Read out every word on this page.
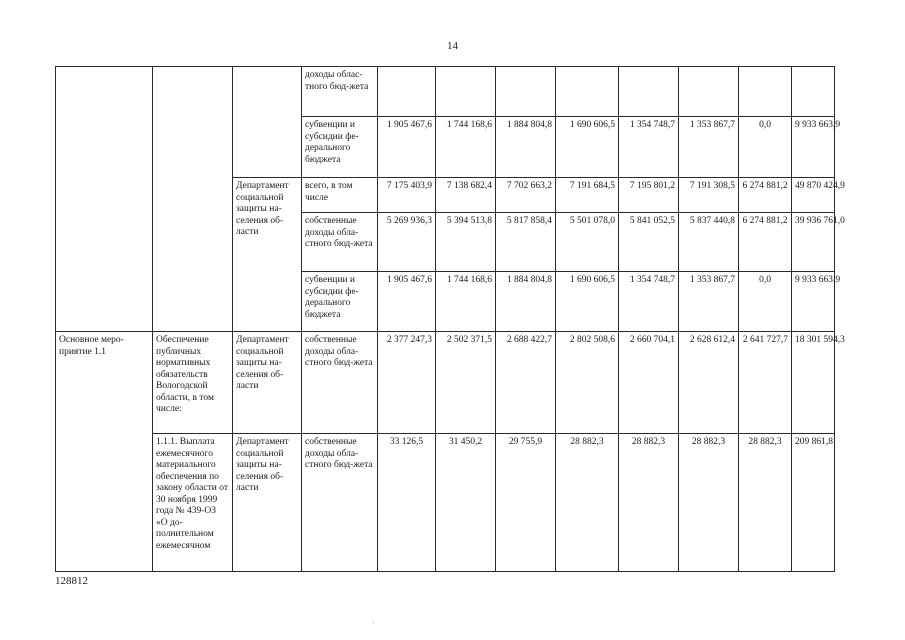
14
			доходы облас-тного бюд-жета								
			субвенции и субсидии фе-дерального бюджета	1 905 467,6	1 744 168,6	1 884 804,8	1 690 606,5	1 354 748,7	1 353 867,7	0,0	9 933 663,9
		Департамент социальной защиты на-селения об-ласти	всего, в том числе	7 175 403,9	7 138 682,4	7 702 663,2	7 191 684,5	7 195 801,2	7 191 308,5	6 274 881,2	49 870 424,9
			собственные доходы обла-стного бюд-жета	5 269 936,3	5 394 513,8	5 817 858,4	5 501 078,0	5 841 052,5	5 837 440,8	6 274 881,2	39 936 761,0
			субвенции и субсидии фе-дерального бюджета	1 905 467,6	1 744 168,6	1 884 804,8	1 690 606,5	1 354 748,7	1 353 867,7	0,0	9 933 663,9
Основное меро-приятие 1.1	Обеспечение публичных нормативных обязательств Вологодской области, в том числе:	Департамент социальной защиты на-селения об-ласти	собственные доходы обла-стного бюд-жета	2 377 247,3	2 502 371,5	2 688 422,7	2 802 508,6	2 660 704,1	2 628 612,4	2 641 727,7	18 301 594,3
	1.1.1. Выплата ежемесячного материального обеспечения по закону области от 30 ноября 1999 года № 439-ОЗ «О до-полнительном ежемесячном	Департамент социальной защиты на-селения об-ласти	собственные доходы обла-стного бюд-жета	33 126,5	31 450,2	29 755,9	28 882,3	28 882,3	28 882,3	28 882,3	209 861,8
128812
·
